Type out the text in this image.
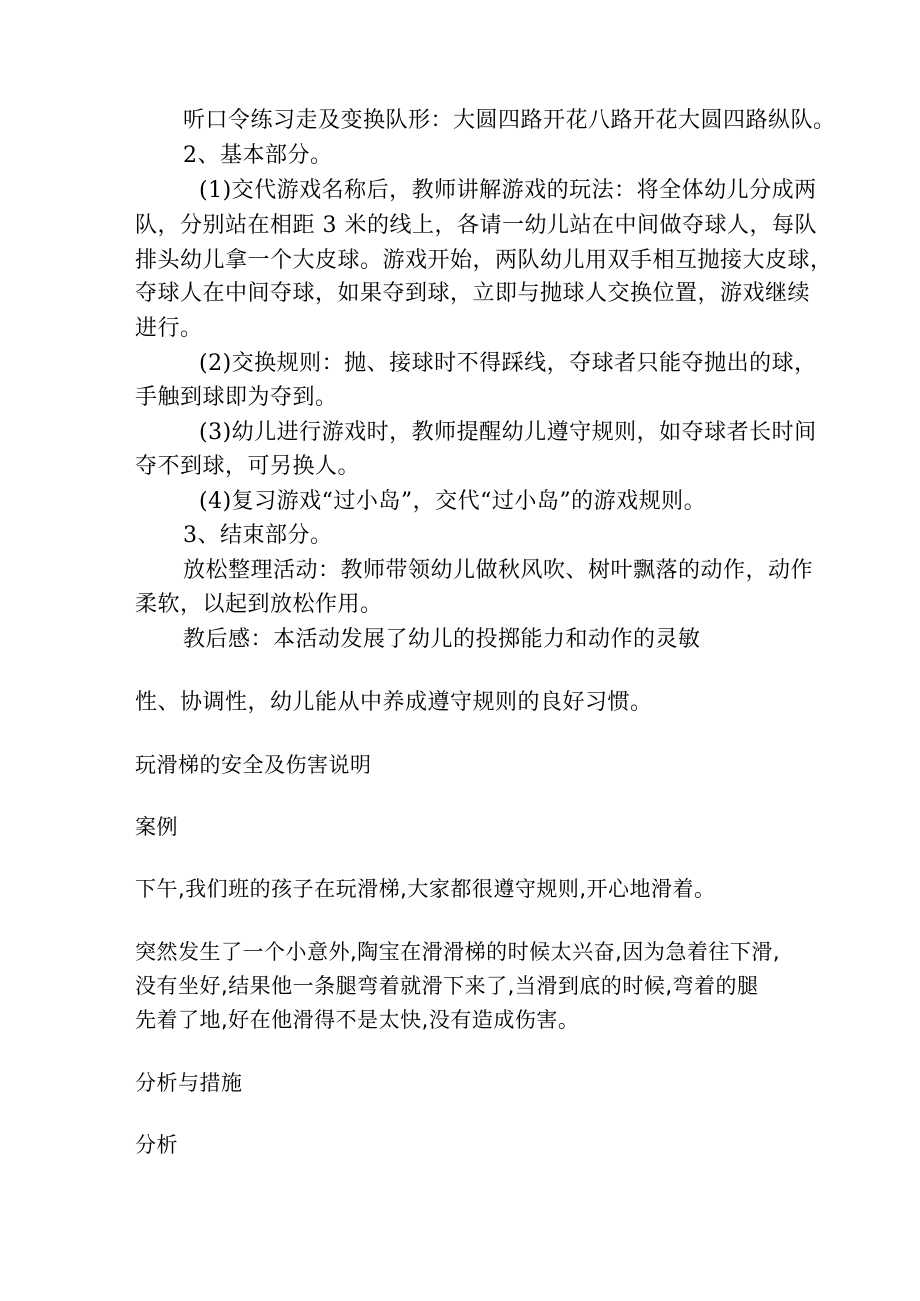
听口令练习走及变换队形：大圆四路开花八路开花大圆四路纵队。
2、基本部分。
(1)交代游戏名称后，教师讲解游戏的玩法：将全体幼儿分成两
队，分别站在相距 3 米的线上，各请一幼儿站在中间做夺球人，每队
排头幼儿拿一个大皮球。游戏开始，两队幼儿用双手相互抛接大皮球，
夺球人在中间夺球，如果夺到球，立即与抛球人交换位置，游戏继续
进行。
(2)交换规则：抛、接球时不得踩线，夺球者只能夺抛出的球，
手触到球即为夺到。
(3)幼儿进行游戏时，教师提醒幼儿遵守规则，如夺球者长时间
夺不到球，可另换人。
(4)复习游戏“过小岛”，交代“过小岛”的游戏规则。
3、结束部分。
放松整理活动：教师带领幼儿做秋风吹、树叶飘落的动作，动作
柔软，以起到放松作用。
教后感：本活动发展了幼儿的投掷能力和动作的灵敏
性、协调性，幼儿能从中养成遵守规则的良好习惯。
玩滑梯的安全及伤害说明
案例
下午,我们班的孩子在玩滑梯,大家都很遵守规则,开心地滑着。
突然发生了一个小意外,陶宝在滑滑梯的时候太兴奋,因为急着往下滑,
没有坐好,结果他一条腿弯着就滑下来了,当滑到底的时候,弯着的腿
先着了地,好在他滑得不是太快,没有造成伤害。
分析与措施
分析
